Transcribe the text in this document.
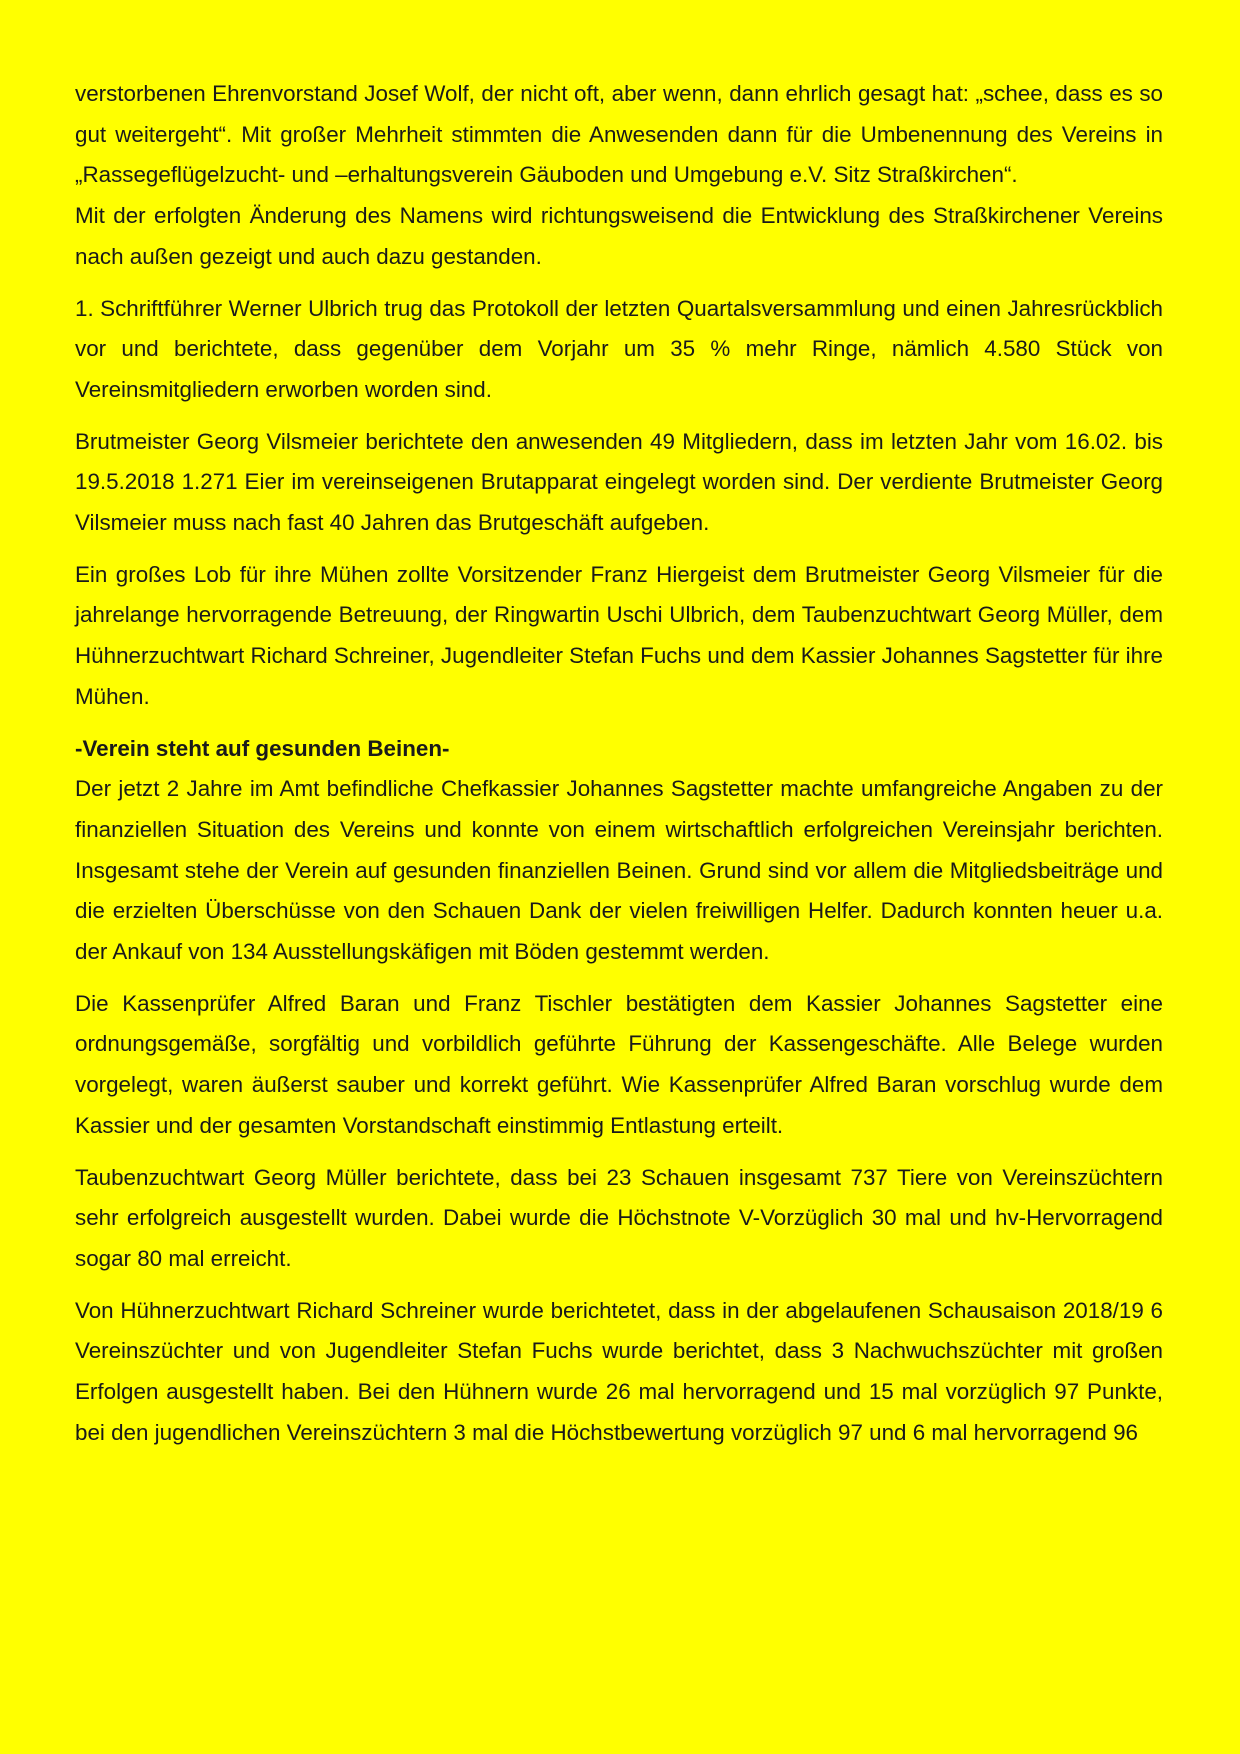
verstorbenen Ehrenvorstand Josef Wolf, der nicht oft, aber wenn, dann ehrlich gesagt hat: „schee, dass es so gut weitergeht“. Mit großer Mehrheit stimmten die Anwesenden dann für die Umbenennung des Vereins in „Rassegeflügelzucht- und –erhaltungsverein Gäuboden und Umgebung e.V. Sitz Straßkirchen“.

Mit der erfolgten Änderung des Namens wird richtungsweisend die Entwicklung des Straßkirchener Vereins nach außen gezeigt und auch dazu gestanden.

1. Schriftführer Werner Ulbrich trug das Protokoll der letzten Quartalsversammlung und einen Jahresrückblich vor und berichtete, dass gegenüber dem Vorjahr um 35 % mehr Ringe, nämlich 4.580 Stück von Vereinsmitgliedern erworben worden sind.

Brutmeister Georg Vilsmeier berichtete den anwesenden 49 Mitgliedern, dass im letzten Jahr vom 16.02. bis 19.5.2018 1.271 Eier im vereinseigenen Brutapparat eingelegt worden sind. Der verdiente Brutmeister Georg Vilsmeier muss nach fast 40 Jahren das Brutgeschäft aufgeben.

Ein großes Lob für ihre Mühen zollte Vorsitzender Franz Hiergeist dem Brutmeister Georg Vilsmeier für die jahrelange hervorragende Betreuung, der Ringwartin Uschi Ulbrich, dem Taubenzuchtwart Georg Müller, dem Hühnerzuchtwart Richard Schreiner, Jugendleiter Stefan Fuchs und dem Kassier Johannes Sagstetter für ihre Mühen.

-Verein steht auf gesunden Beinen-

Der jetzt 2 Jahre im Amt befindliche Chefkassier Johannes Sagstetter machte umfangreiche Angaben zu der finanziellen Situation des Vereins und konnte von einem wirtschaftlich erfolgreichen Vereinsjahr berichten. Insgesamt stehe der Verein auf gesunden finanziellen Beinen. Grund sind vor allem die Mitgliedsbeiträge und die erzielten Überschüsse von den Schauen Dank der vielen freiwilligen Helfer. Dadurch konnten heuer u.a. der Ankauf von 134 Ausstellungskäfigen mit Böden gestemmt werden.

Die Kassenprüfer Alfred Baran und Franz Tischler bestätigten dem Kassier Johannes Sagstetter eine ordnungsgemäße, sorgfältig und vorbildlich geführte Führung der Kassengeschäfte. Alle Belege wurden vorgelegt, waren äußerst sauber und korrekt geführt. Wie Kassenprüfer Alfred Baran vorschlug wurde dem Kassier und der gesamten Vorstandschaft einstimmig Entlastung erteilt.

Taubenzuchtwart Georg Müller berichtete, dass bei 23 Schauen insgesamt 737 Tiere von Vereinszüchtern sehr erfolgreich ausgestellt wurden. Dabei wurde die Höchstnote V-Vorzüglich 30 mal und hv-Hervorragend sogar 80 mal erreicht.

Von Hühnerzuchtwart Richard Schreiner wurde berichtetet, dass in der abgelaufenen Schausaison 2018/19 6 Vereinszüchter und von Jugendleiter Stefan Fuchs wurde berichtet, dass 3 Nachwuchszüchter mit großen Erfolgen ausgestellt haben. Bei den Hühnern wurde 26 mal hervorragend und 15 mal vorzüglich 97 Punkte, bei den jugendlichen Vereinszüchtern 3 mal die Höchstbewertung vorzüglich 97 und 6 mal hervorragend 96
